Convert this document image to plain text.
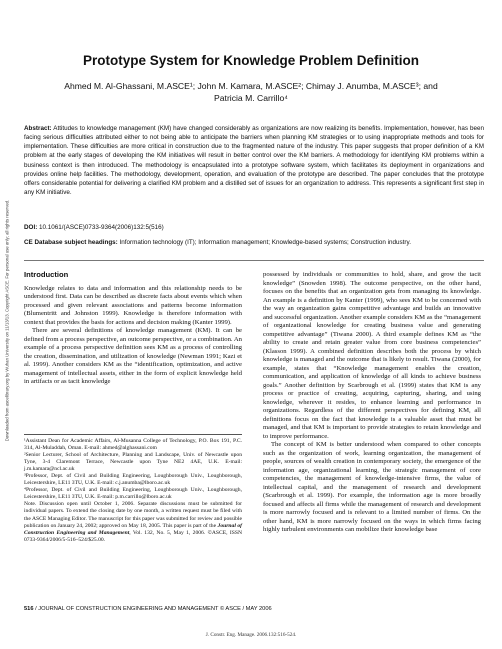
Downloaded from ascelibrary.org by Wuhan University on 11/13/13. Copyright ASCE. For personal use only; all rights reserved.
Prototype System for Knowledge Problem Definition
Ahmed M. Al-Ghassani, M.ASCE¹; John M. Kamara, M.ASCE²; Chimay J. Anumba, M.ASCE³; and
Patricia M. Carrillo⁴
Abstract: Attitudes to knowledge management (KM) have changed considerably as organizations are now realizing its benefits. Implementation, however, has been facing serious difficulties attributed either to not being able to anticipate the barriers when planning KM strategies or to using inappropriate methods and tools for implementation. These difficulties are more critical in construction due to the fragmented nature of the industry. This paper suggests that proper definition of a KM problem at the early stages of developing the KM initiatives will result in better control over the KM barriers. A methodology for identifying KM problems within a business context is then introduced. The methodology is encapsulated into a prototype software system, which facilitates its deployment in organizations and provides online help facilities. The methodology, development, operation, and evaluation of the prototype are described. The paper concludes that the prototype offers considerable potential for delivering a clarified KM problem and a distilled set of issues for an organization to address. This represents a significant first step in any KM initiative.
DOI: 10.1061/(ASCE)0733-9364(2006)132:5(516)
CE Database subject headings: Information technology (IT); Information management; Knowledge-based systems; Construction industry.
Introduction

Knowledge relates to data and information and this relationship needs to be understood first. Data can be described as discrete facts about events which when processed and given relevant associations and patterns become information (Blumentritt and Johnston 1999). Knowledge is therefore information with context that provides the basis for actions and decision making (Kanter 1999).

There are several definitions of knowledge management (KM). It can be defined from a process perspective, an outcome perspective, or a combination. An example of a process perspective definition sees KM as a process of controlling the creation, dissemination, and utilization of knowledge (Newman 1991; Kazi et al. 1999). Another considers KM as the “identification, optimization, and active management of intellectual assets, either in the form of explicit knowledge held in artifacts or as tacit knowledge

¹Assistant Dean for Academic Affairs, Al-Musanna College of Technology, P.O. Box 191, P.C. 314, Al-Muladdah, Oman. E-mail: ahmed@alghassani.com
²Senior Lecturer, School of Architecture, Planning and Landscape, Univ. of Newcastle upon Tyne, 3-4 Claremont Terrace, Newcastle upon Tyne NE2 4AE, U.K. E-mail: j.m.kamara@ncl.ac.uk
³Professor, Dept. of Civil and Building Engineering, Loughborough Univ., Loughborough, Leicestershire, LE11 3TU, U.K. E-mail: c.j.anumba@lboro.ac.uk
⁴Professor, Dept. of Civil and Building Engineering, Loughborough Univ., Loughborough, Leicestershire, LE11 3TU, U.K. E-mail: p.m.carrillo@lboro.ac.uk
Note. Discussion open until October 1, 2006. Separate discussions must be submitted for individual papers. To extend the closing date by one month, a written request must be filed with the ASCE Managing Editor. The manuscript for this paper was submitted for review and possible publication on January 24, 2002; approved on May 18, 2005. This paper is part of the Journal of Construction Engineering and Management, Vol. 132, No. 5, May 1, 2006. ©ASCE, ISSN 0733-9364/2006/5-516–524/$25.00.

possessed by individuals or communities to hold, share, and grow the tacit knowledge” (Snowden 1998). The outcome perspective, on the other hand, focuses on the benefits that an organization gets from managing its knowledge. An example is a definition by Kanter (1999), who sees KM to be concerned with the way an organization gains competitive advantage and builds an innovative and successful organization. Another example considers KM as the “management of organizational knowledge for creating business value and generating competitive advantage” (Tiwana 2000). A third example defines KM as “the ability to create and retain greater value from core business competencies” (Klasson 1999). A combined definition describes both the process by which knowledge is managed and the outcome that is likely to result. Tiwana (2000), for example, states that “Knowledge management enables the creation, communication, and application of knowledge of all kinds to achieve business goals.” Another definition by Scarbrough et al. (1999) states that KM is any process or practice of creating, acquiring, capturing, sharing, and using knowledge, wherever it resides, to enhance learning and performance in organizations. Regardless of the different perspectives for defining KM, all definitions focus on the fact that knowledge is a valuable asset that must be managed, and that KM is important to provide strategies to retain knowledge and to improve performance.

The concept of KM is better understood when compared to other concepts such as the organization of work, learning organization, the management of people, sources of wealth creation in contemporary society, the emergence of the information age, organizational learning, the strategic management of core competencies, the management of knowledge-intensive firms, the value of intellectual capital, and the management of research and development (Scarbrough et al. 1999). For example, the information age is more broadly focused and affects all firms while the management of research and development is more narrowly focused and is relevant to a limited number of firms. On the other hand, KM is more narrowly focused on the ways in which firms facing highly turbulent environments can mobilize their knowledge base

516 / JOURNAL OF CONSTRUCTION ENGINEERING AND MANAGEMENT © ASCE / MAY 2006
J. Constr. Eng. Manage. 2006.132:516-524.
